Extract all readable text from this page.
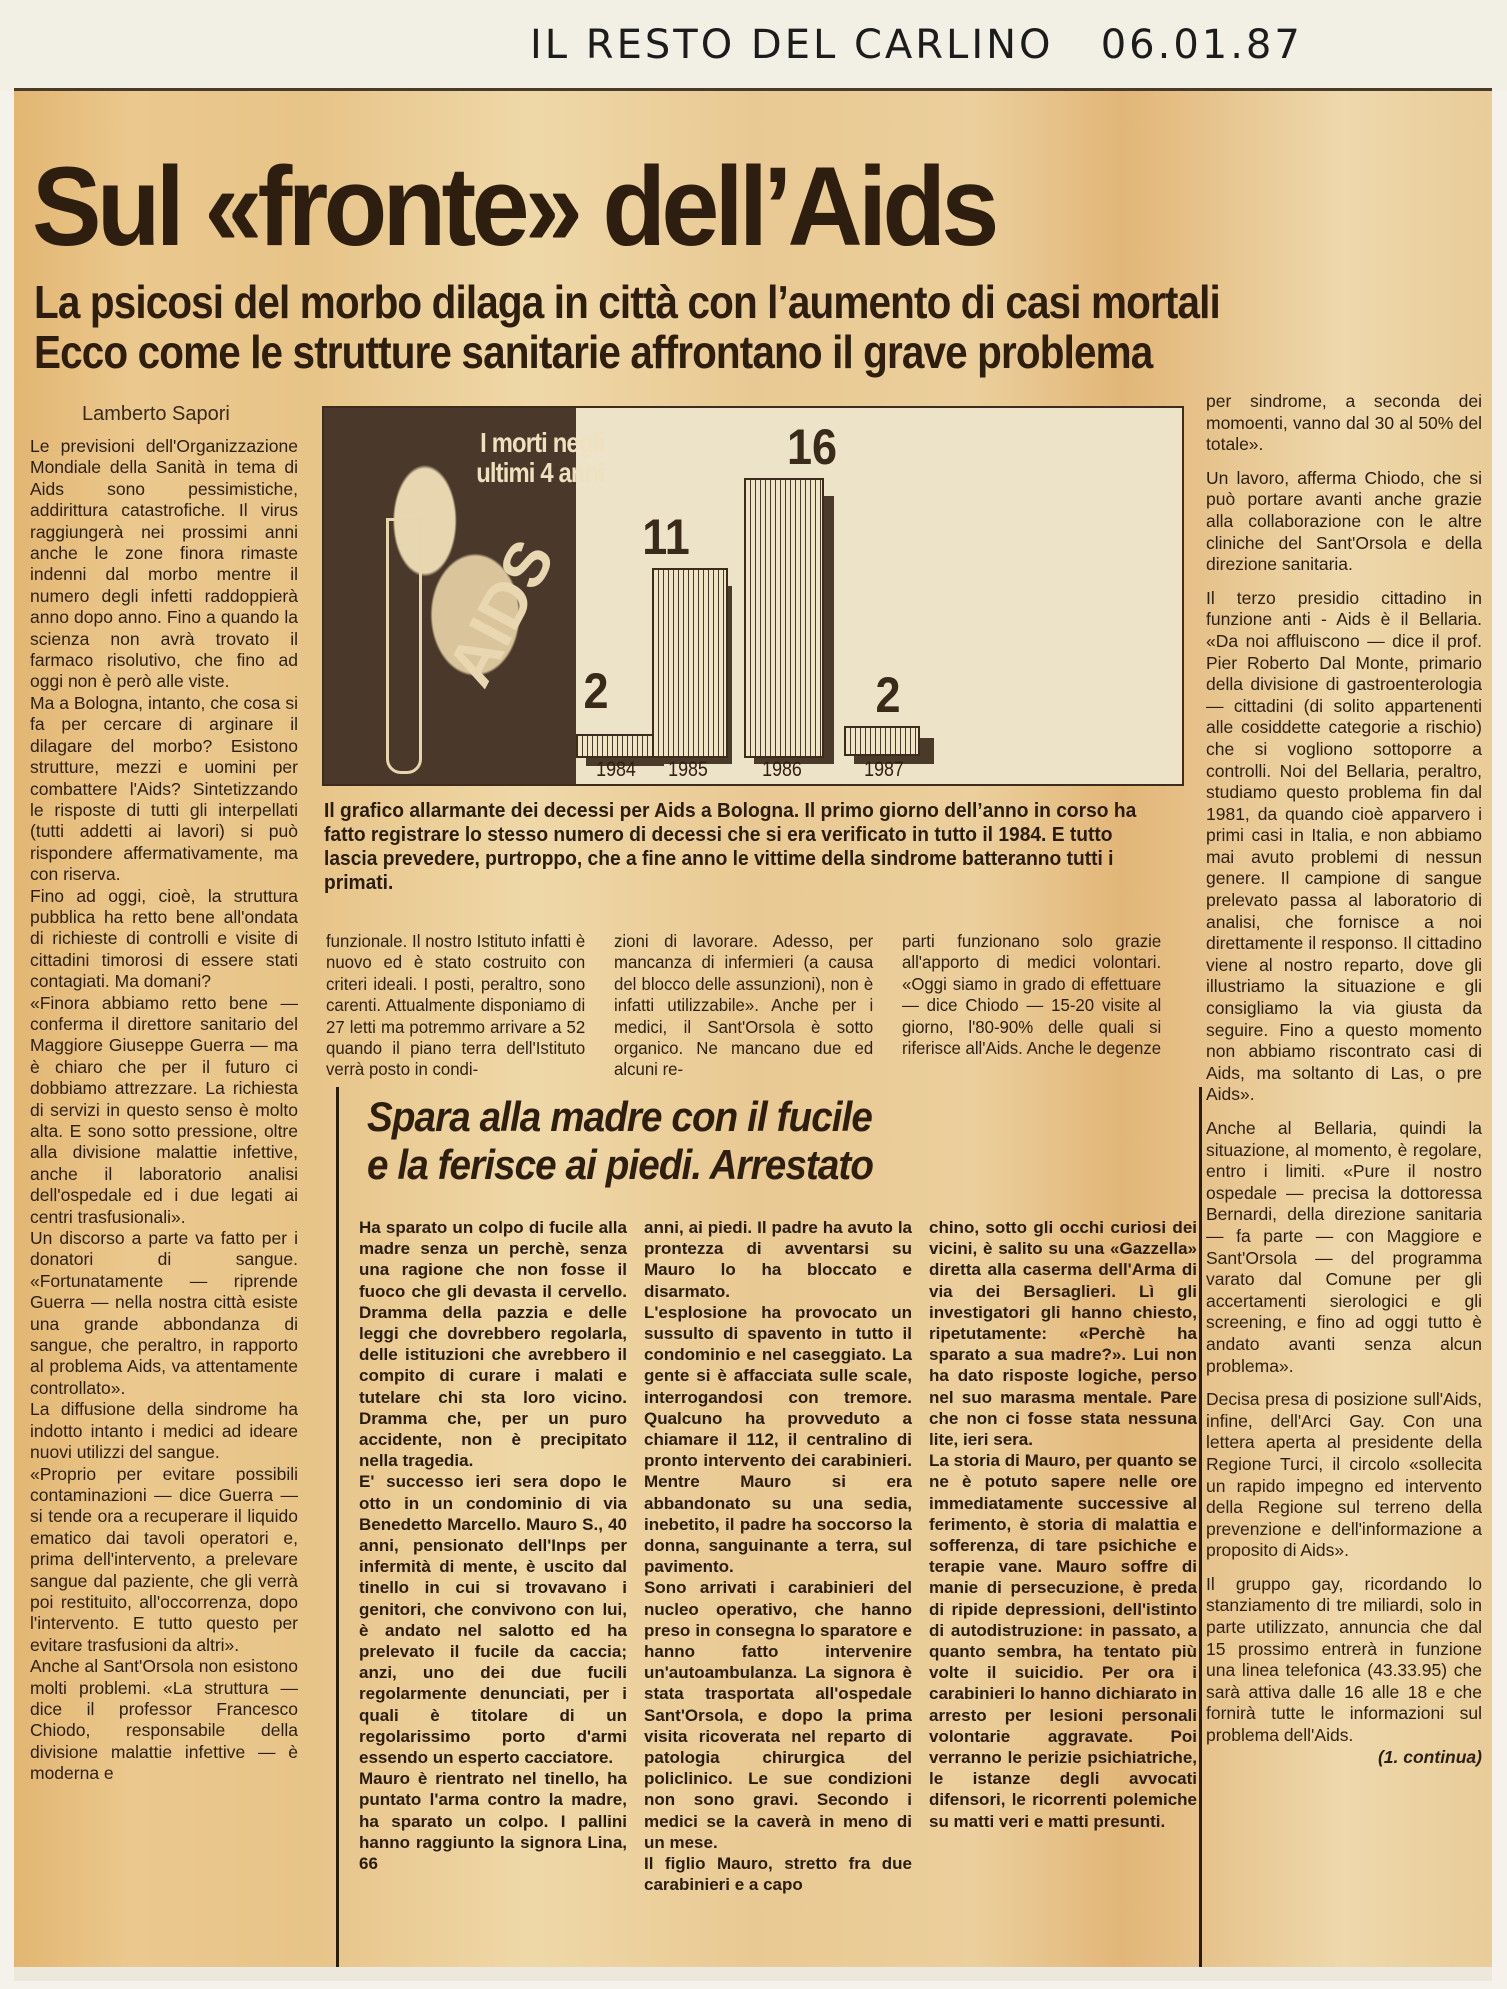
IL RESTO DEL CARLINO 06.01.87
Sul «fronte» dell’Aids
La psicosi del morbo dilaga in città con l’aumento di casi mortali
Ecco come le strutture sanitarie affrontano il grave problema
Lamberto Sapori

Le previsioni dell'Organizzazione Mondiale della Sanità in tema di Aids sono pessimistiche, addirittura catastrofiche. Il virus raggiungerà nei prossimi anni anche le zone finora rimaste indenni dal morbo mentre il numero degli infetti raddoppierà anno dopo anno. Fino a quando la scienza non avrà trovato il farmaco risolutivo, che fino ad oggi non è però alle viste.

Ma a Bologna, intanto, che cosa si fa per cercare di arginare il dilagare del morbo? Esistono strutture, mezzi e uomini per combattere l'Aids? Sintetizzando le risposte di tutti gli interpellati (tutti addetti ai lavori) si può rispondere affermativamente, ma con riserva.

Fino ad oggi, cioè, la struttura pubblica ha retto bene all'ondata di richieste di controlli e visite di cittadini timorosi di essere stati contagiati. Ma domani?

«Finora abbiamo retto bene — conferma il direttore sanitario del Maggiore Giuseppe Guerra — ma è chiaro che per il futuro ci dobbiamo attrezzare. La richiesta di servizi in questo senso è molto alta. E sono sotto pressione, oltre alla divisione malattie infettive, anche il laboratorio analisi dell'ospedale ed i due legati ai centri trasfusionali».

Un discorso a parte va fatto per i donatori di sangue. «Fortunatamente — riprende Guerra — nella nostra città esiste una grande abbondanza di sangue, che peraltro, in rapporto al problema Aids, va attentamente controllato».

La diffusione della sindrome ha indotto intanto i medici ad ideare nuovi utilizzi del sangue.

«Proprio per evitare possibili contaminazioni — dice Guerra — si tende ora a recuperare il liquido ematico dai tavoli operatori e, prima dell'intervento, a prelevare sangue dal paziente, che gli verrà poi restituito, all'occorrenza, dopo l'intervento. E tutto questo per evitare trasfusioni da altri».

Anche al Sant'Orsola non esistono molti problemi. «La struttura — dice il professor Francesco Chiodo, responsabile della divisione malattie infettive — è moderna e

AIDS
I morti negli ultimi 4 anni
2
1984
11
1985
16
1986
2
1987
Il grafico allarmante dei decessi per Aids a Bologna. Il primo giorno dell’anno in corso ha fatto registrare lo stesso numero di decessi che si era verificato in tutto il 1984. E tutto lascia prevedere, purtroppo, che a fine anno le vittime della sindrome batteranno tutti i primati.
funzionale. Il nostro Istituto infatti è nuovo ed è stato costruito con criteri ideali. I posti, peraltro, sono carenti. Attualmente disponiamo di 27 letti ma potremmo arrivare a 52 quando il piano terra dell'Istituto verrà posto in condi-
zioni di lavorare. Adesso, per mancanza di infermieri (a causa del blocco delle assunzioni), non è infatti utilizzabile». Anche per i medici, il Sant'Orsola è sotto organico. Ne mancano due ed alcuni re-
parti funzionano solo grazie all'apporto di medici volontari. «Oggi siamo in grado di effettuare — dice Chiodo — 15-20 visite al giorno, l'80-90% delle quali si riferisce all'Aids. Anche le degenze

per sindrome, a seconda dei momoenti, vanno dal 30 al 50% del totale».

Un lavoro, afferma Chiodo, che si può portare avanti anche grazie alla collaborazione con le altre cliniche del Sant'Orsola e della direzione sanitaria.

Il terzo presidio cittadino in funzione anti - Aids è il Bellaria. «Da noi affluiscono — dice il prof. Pier Roberto Dal Monte, primario della divisione di gastroenterologia — cittadini (di solito appartenenti alle cosiddette categorie a rischio) che si vogliono sottoporre a controlli. Noi del Bellaria, peraltro, studiamo questo problema fin dal 1981, da quando cioè apparvero i primi casi in Italia, e non abbiamo mai avuto problemi di nessun genere. Il campione di sangue prelevato passa al laboratorio di analisi, che fornisce a noi direttamente il responso. Il cittadino viene al nostro reparto, dove gli illustriamo la situazione e gli consigliamo la via giusta da seguire. Fino a questo momento non abbiamo riscontrato casi di Aids, ma soltanto di Las, o pre Aids».

Anche al Bellaria, quindi la situazione, al momento, è regolare, entro i limiti. «Pure il nostro ospedale — precisa la dottoressa Bernardi, della direzione sanitaria — fa parte — con Maggiore e Sant'Orsola — del programma varato dal Comune per gli accertamenti sierologici e gli screening, e fino ad oggi tutto è andato avanti senza alcun problema».

Decisa presa di posizione sull'Aids, infine, dell'Arci Gay. Con una lettera aperta al presidente della Regione Turci, il circolo «sollecita un rapido impegno ed intervento della Regione sul terreno della prevenzione e dell'informazione a proposito di Aids».

Il gruppo gay, ricordando lo stanziamento di tre miliardi, solo in parte utilizzato, annuncia che dal 15 prossimo entrerà in funzione una linea telefonica (43.33.95) che sarà attiva dalle 16 alle 18 e che fornirà tutte le informazioni sul problema dell'Aids.

(1. continua)

Spara alla madre con il fucile
e la ferisce ai piedi. Arrestato

Ha sparato un colpo di fucile alla madre senza un perchè, senza una ragione che non fosse il fuoco che gli devasta il cervello. Dramma della pazzia e delle leggi che dovrebbero regolarla, delle istituzioni che avrebbero il compito di curare i malati e tutelare chi sta loro vicino. Dramma che, per un puro accidente, non è precipitato nella tragedia.

E' successo ieri sera dopo le otto in un condominio di via Benedetto Marcello. Mauro S., 40 anni, pensionato dell'Inps per infermità di mente, è uscito dal tinello in cui si trovavano i genitori, che convivono con lui, è andato nel salotto ed ha prelevato il fucile da caccia; anzi, uno dei due fucili regolarmente denunciati, per i quali è titolare di un regolarissimo porto d'armi essendo un esperto cacciatore.

Mauro è rientrato nel tinello, ha puntato l'arma contro la madre, ha sparato un colpo. I pallini hanno raggiunto la signora Lina, 66

anni, ai piedi. Il padre ha avuto la prontezza di avventarsi su Mauro lo ha bloccato e disarmato.

L'esplosione ha provocato un sussulto di spavento in tutto il condominio e nel caseggiato. La gente si è affacciata sulle scale, interrogandosi con tremore. Qualcuno ha provveduto a chiamare il 112, il centralino di pronto intervento dei carabinieri. Mentre Mauro si era abbandonato su una sedia, inebetito, il padre ha soccorso la donna, sanguinante a terra, sul pavimento.

Sono arrivati i carabinieri del nucleo operativo, che hanno preso in consegna lo sparatore e hanno fatto intervenire un'autoambulanza. La signora è stata trasportata all'ospedale Sant'Orsola, e dopo la prima visita ricoverata nel reparto di patologia chirurgica del policlinico. Le sue condizioni non sono gravi. Secondo i medici se la caverà in meno di un mese.

Il figlio Mauro, stretto fra due carabinieri e a capo

chino, sotto gli occhi curiosi dei vicini, è salito su una «Gazzella» diretta alla caserma dell'Arma di via dei Bersaglieri. Lì gli investigatori gli hanno chiesto, ripetutamente: «Perchè ha sparato a sua madre?». Lui non ha dato risposte logiche, perso nel suo marasma mentale. Pare che non ci fosse stata nessuna lite, ieri sera.

La storia di Mauro, per quanto se ne è potuto sapere nelle ore immediatamente successive al ferimento, è storia di malattia e sofferenza, di tare psichiche e terapie vane. Mauro soffre di manie di persecuzione, è preda di ripide depressioni, dell'istinto di autodistruzione: in passato, a quanto sembra, ha tentato più volte il suicidio. Per ora i carabinieri lo hanno dichiarato in arresto per lesioni personali volontarie aggravate. Poi verranno le perizie psichiatriche, le istanze degli avvocati difensori, le ricorrenti polemiche su matti veri e matti presunti.
